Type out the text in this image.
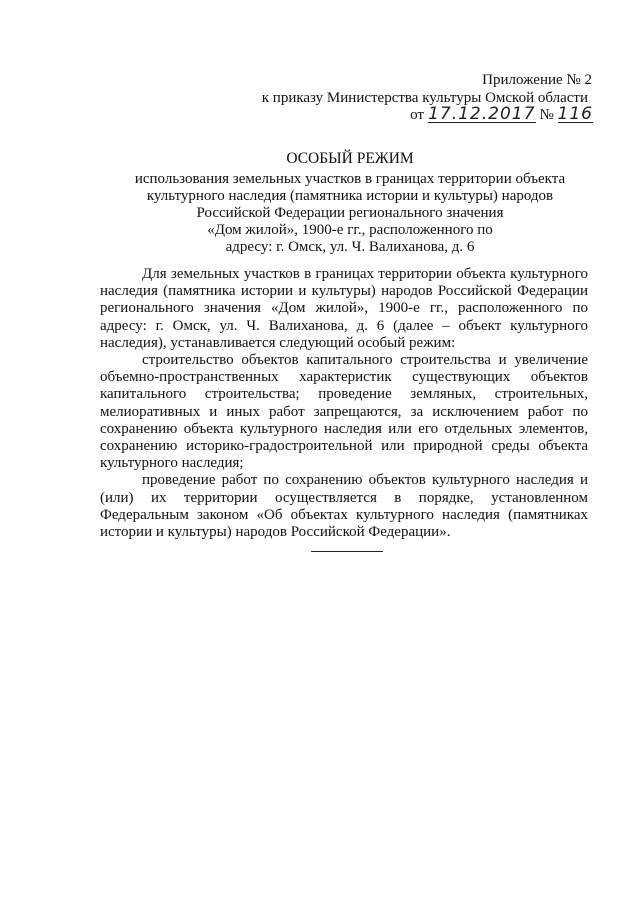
Приложение № 2
к приказу Министерства культуры Омской области
от 17.12.2017 № 116
ОСОБЫЙ РЕЖИМ
использования земельных участков в границах территории объекта
культурного наследия (памятника истории и культуры) народов
Российской Федерации регионального значения
«Дом жилой», 1900-е гг., расположенного по
адресу: г. Омск, ул. Ч. Валиханова, д. 6

Для земельных участков в границах территории объекта культурного наследия (памятника истории и культуры) народов Российской Федерации регионального значения «Дом жилой», 1900-е гг., расположенного по адресу: г. Омск, ул. Ч. Валиханова, д. 6 (далее – объект культурного наследия), устанавливается следующий особый режим:

строительство объектов капитального строительства и увеличение объемно-пространственных характеристик существующих объектов капитального строительства; проведение земляных, строительных, мелиоративных и иных работ запрещаются, за исключением работ по сохранению объекта культурного наследия или его отдельных элементов, сохранению историко-градостроительной или природной среды объекта культурного наследия;

проведение работ по сохранению объектов культурного наследия и (или) их территории осуществляется в порядке, установленном Федеральным законом «Об объектах культурного наследия (памятниках истории и культуры) народов Российской Федерации».
